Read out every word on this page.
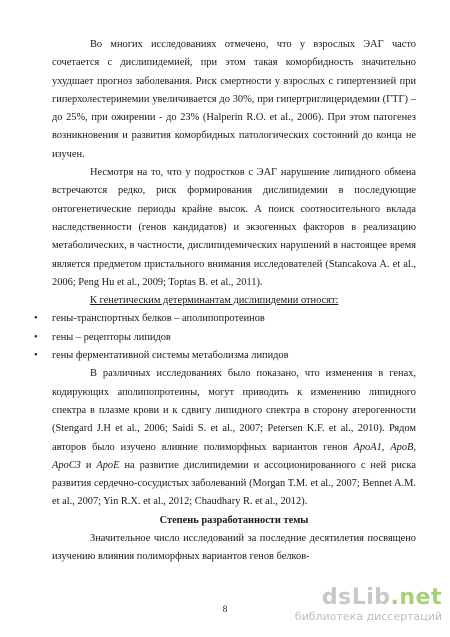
Во многих исследованиях отмечено, что у взрослых ЭАГ часто сочетается с дислипидемией, при этом такая коморбидность значительно ухудшает прогноз заболевания. Риск смертности у взрослых с гипертензией при гиперхолестеринемии увеличивается до 30%, при гипертриглицеридемии (ГТГ) – до 25%, при ожирении - до 23% (Halperin R.O. et al., 2006). При этом патогенез возникновения и развития коморбидных патологических состояний до конца не изучен.

Несмотря на то, что у подростков с ЭАГ нарушение липидного обмена встречаются редко, риск формирования дислипидемии в последующие онтогенетические периоды крайне высок. А поиск соотносительного вклада наследственности (генов кандидатов) и экзогенных факторов в реализацию метаболических, в частности, дислипидемических нарушений в настоящее время является предметом пристального внимания исследователей (Stancakova A. et al., 2006; Peng Hu et al., 2009; Toptas B. et al., 2011).

К генетическим детерминантам дислипидемии относят:

• гены-транспортных белков – аполипопротеинов
• гены – рецепторы липидов
• гены ферментативной системы метаболизма липидов

В различных исследованиях было показано, что изменения в генах, кодирующих аполипопротеины, могут приводить к изменению липидного спектра в плазме крови и к сдвигу липидного спектра в сторону атерогенности (Stengard J.H et al., 2006; Saidi S. et al., 2007; Petersen K.F. et al., 2010). Рядом авторов было изучено влияние полиморфных вариантов генов ApoA1, ApoB, ApoC3 и ApoE на развитие дислипидемии и ассоционированного с ней риска развития сердечно-сосудистых заболеваний (Morgan T.M. et al., 2007; Bennet A.M. et al., 2007; Yin R.X. et al., 2012; Chaudhary R. et al., 2012).

Степень разработанности темы

Значительное число исследований за последние десятилетия посвящено изучению влияния полиморфных вариантов генов белков-

8	dsLib.net
библиотека диссертаций
